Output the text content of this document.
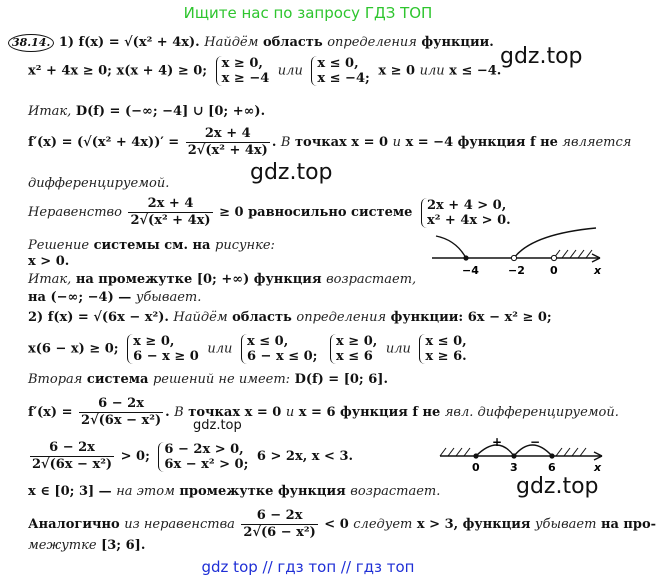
Ищите нас по запросу ГДЗ ТОП
gdz.top
gdz.top
gdz.top
gdz.top
38.14. 1) f(x) = √(x² + 4x). Найдём область определения функции.
x² + 4x ≥ 0; x(x + 4) ≥ 0; x ≥ 0,
x ≥ −4 или x ≤ 0,
x ≤ −4; x ≥ 0 или x ≤ −4.
Итак, D(f) = (−∞; −4] ∪ [0; +∞).
$f'(x) = (√(x^2 + 4x))' = \frac{2x + 4}{\text{2√(x² + 4x)}}$ . В точках x = 0 и x = −4 функция f не является
дифференцируемой.
Неравенство $\frac{2x + 4}{\text{2√(x² + 4x)}} \ge 0$ равносильно системе 2x + 4 > 0,
x² + 4x > 0.
Решение системы см. на рисунке:
x > 0.
Итак, на промежутке [0; +∞) функция возрастает,
на (−∞; −4) — убывает.
−4	−2 0	x
2) f(x) = √(6x − x²). Найдём область определения функции: 6x − x² ≥ 0;
x(6 − x) ≥ 0; x ≥ 0,
6 − x ≥ 0 или x ≤ 0,
6 − x ≤ 0;

x ≥ 0,
x ≤ 6	или x ≤ 0,
x ≥ 6.
Вторая система решений не имеет: D(f) = [0; 6].
$f'(x) = \frac{6 - 2x}{\text{2√(6x − x²)}}$ . В точках x = 0 и x = 6 функция f не явл. дифференцируемой.
$\frac{6 - 2x}{\text{2√(6x − x²)}} > 0$; 6 − 2x > 0,
6x − x² > 0; 6 > 2x, x < 3.
+ −
0	3	6	x
x ∈ [0; 3] — на этом промежутке функция возрастает.
Аналогично из неравенства $\frac{6 - 2x}{\text{2√(6 − x²)}} < 0$ следует x > 3, функция убывает на про-
межутке [3; 6].
gdz top // гдз топ // гдз топ
